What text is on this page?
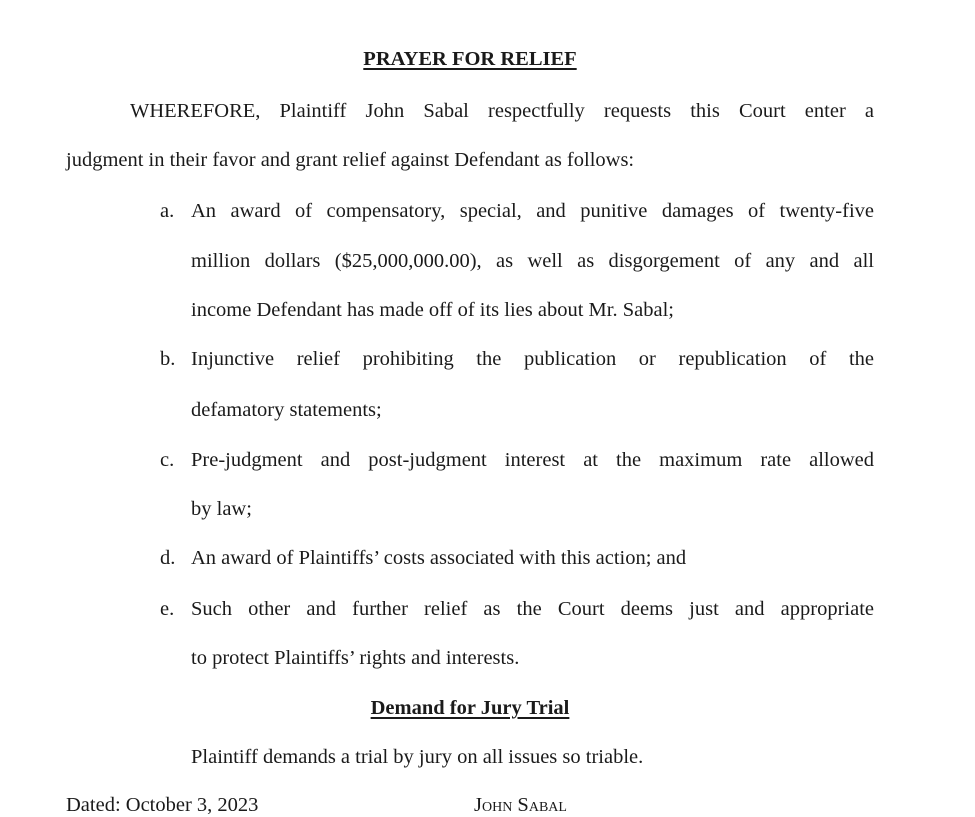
PRAYER FOR RELIEF
WHEREFORE, Plaintiff John Sabal respectfully requests this Court enter a
judgment in their favor and grant relief against Defendant as follows:
a. An award of compensatory, special, and punitive damages of twenty-five
million dollars ($25,000,000.00), as well as disgorgement of any and all
income Defendant has made off of its lies about Mr. Sabal;
b. Injunctive relief prohibiting the publication or republication of the
defamatory statements;
c. Pre-judgment and post-judgment interest at the maximum rate allowed
by law;
d. An award of Plaintiffs’ costs associated with this action; and
e. Such other and further relief as the Court deems just and appropriate
to protect Plaintiffs’ rights and interests.
Demand for Jury Trial
Plaintiff demands a trial by jury on all issues so triable.
Dated: October 3, 2023	John Sabal
